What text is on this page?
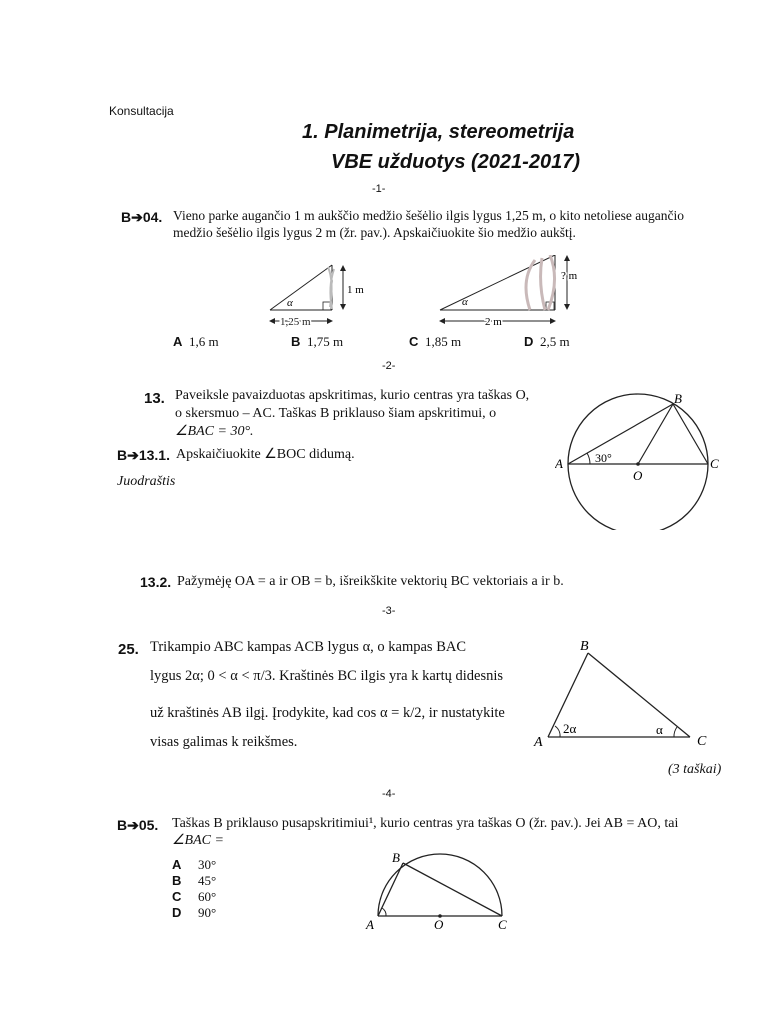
Konsultacija
1. Planimetrija, stereometrija
VBE užduotys (2021-2017)
-1-
B➔04. Vieno parke augančio 1 m aukščio medžio šešėlio ilgis lygus 1,25 m, o kito netoliese augančio
medžio šešėlio ilgis lygus 2 m (žr. pav.). Apskaičiuokite šio medžio aukštį.
α
1 m
1,25 m
α
? m
2 m
A 1,6 m	B 1,75 m	C 1,85 m	D 2,5 m
-2-
13. Paveiksle pavaizduotas apskritimas, kurio centras yra taškas O,
o skersmuo – AC. Taškas B priklauso šiam apskritimui, o
∠BAC = 30°.
B➔13.1. Apskaičiuokite ∠BOC didumą.
Juodraštis
A
B
C
O
30°
13.2. Pažymėję OA = a ir OB = b, išreikškite vektorių BC vektoriais a ir b.
-3-
25. Trikampio ABC kampas ACB lygus α, o kampas BAC
lygus 2α; 0 < α < π/3. Kraštinės BC ilgis yra k kartų didesnis
už kraštinės AB ilgį. Įrodykite, kad cos α = k/2, ir nustatykite
visas galimas k reikšmes.	A
B
C
2α	α
(3 taškai)
-4-
B➔05. Taškas B priklauso pusapskritimiui¹, kurio centras yra taškas O (žr. pav.). Jei AB = AO, tai
∠BAC =
A 30°
B 45°
C 60°
D 90°
A
B
C
O
